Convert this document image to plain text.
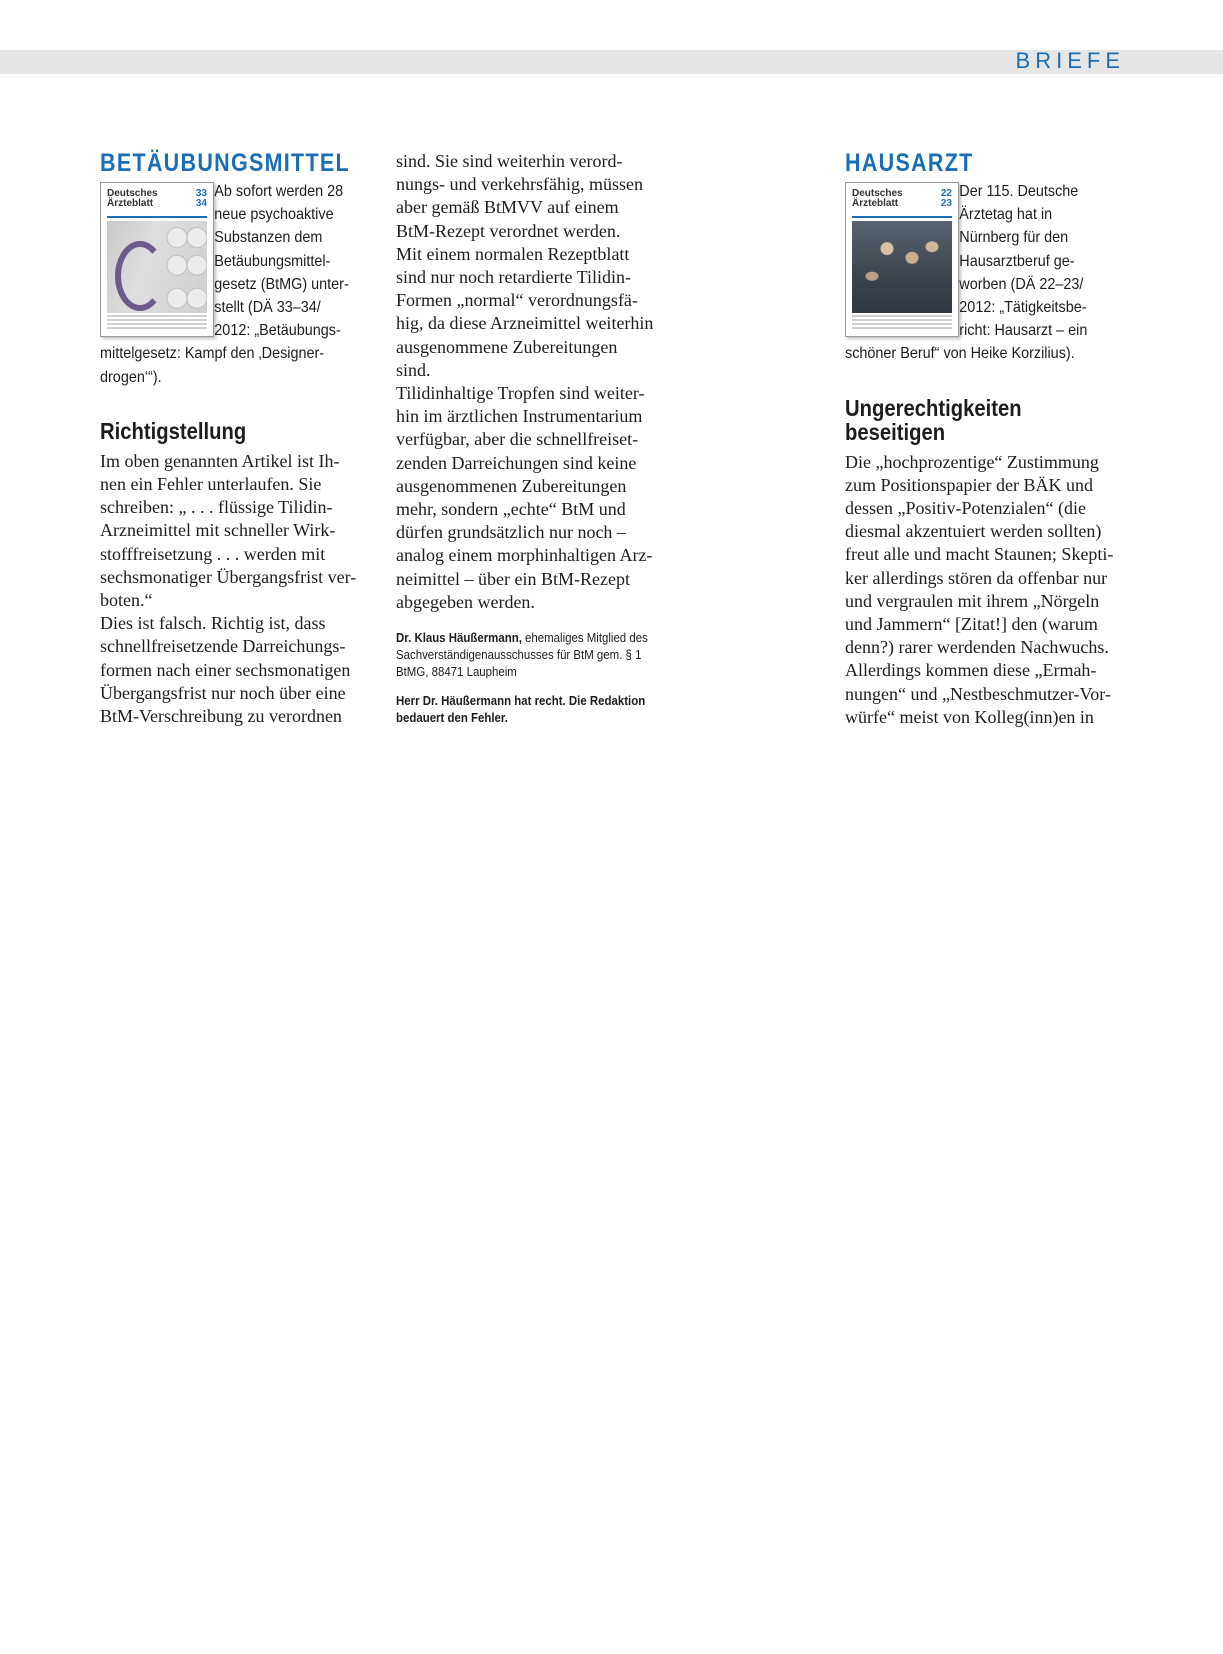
BRIEFE
BETÄUBUNGSMITTEL
Deutsches
Ärzteblatt
33
34

Ab sofort werden 28
neue psychoaktive
Substanzen dem
Betäubungsmittel-
gesetz (BtMG) unter-
stellt (DÄ 33–34/
2012: „Betäubungs-
mittelgesetz: Kampf den ‚Designer-
drogen‘“).

Richtigstellung

Im oben genannten Artikel ist Ih-
nen ein Fehler unterlaufen. Sie
schreiben: „ . . . flüssige Tilidin-
Arzneimittel mit schneller Wirk-
stofffreisetzung . . . werden mit
sechsmonatiger Übergangsfrist ver-
boten.“
Dies ist falsch. Richtig ist, dass
schnellfreisetzende Darreichungs-
formen nach einer sechsmonatigen
Übergangsfrist nur noch über eine
BtM-Verschreibung zu verordnen

sind. Sie sind weiterhin verord-
nungs- und verkehrsfähig, müssen
aber gemäß BtMVV auf einem
BtM-Rezept verordnet werden.
Mit einem normalen Rezeptblatt
sind nur noch retardierte Tilidin-
Formen „normal“ verordnungsfä-
hig, da diese Arzneimittel weiterhin
ausgenommene Zubereitungen
sind.
Tilidinhaltige Tropfen sind weiter-
hin im ärztlichen Instrumentarium
verfügbar, aber die schnellfreiset-
zenden Darreichungen sind keine
ausgenommenen Zubereitungen
mehr, sondern „echte“ BtM und
dürfen grundsätzlich nur noch –
analog einem morphinhaltigen Arz-
neimittel – über ein BtM-Rezept
abgegeben werden.

Dr. Klaus Häußermann, ehemaliges Mitglied des
Sachverständigenausschusses für BtM gem. § 1
BtMG, 88471 Laupheim

Herr Dr. Häußermann hat recht. Die Redaktion
bedauert den Fehler.

HAUSARZT
Deutsches
Ärzteblatt
22
23

Der 115. Deutsche
Ärztetag hat in
Nürnberg für den
Hausarztberuf ge-
worben (DÄ 22–23/
2012: „Tätigkeitsbe-
richt: Hausarzt – ein
schöner Beruf“ von Heike Korzilius).

Ungerechtigkeiten
beseitigen

Die „hochprozentige“ Zustimmung
zum Positionspapier der BÄK und
dessen „Positiv-Potenzialen“ (die
diesmal akzentuiert werden sollten)
freut alle und macht Staunen; Skepti-
ker allerdings stören da offenbar nur
und vergraulen mit ihrem „Nörgeln
und Jammern“ [Zitat!] den (warum
denn?) rarer werdenden Nachwuchs.
Allerdings kommen diese „Ermah-
nungen“ und „Nestbeschmutzer-Vor-
würfe“ meist von Kolleg(inn)en in
